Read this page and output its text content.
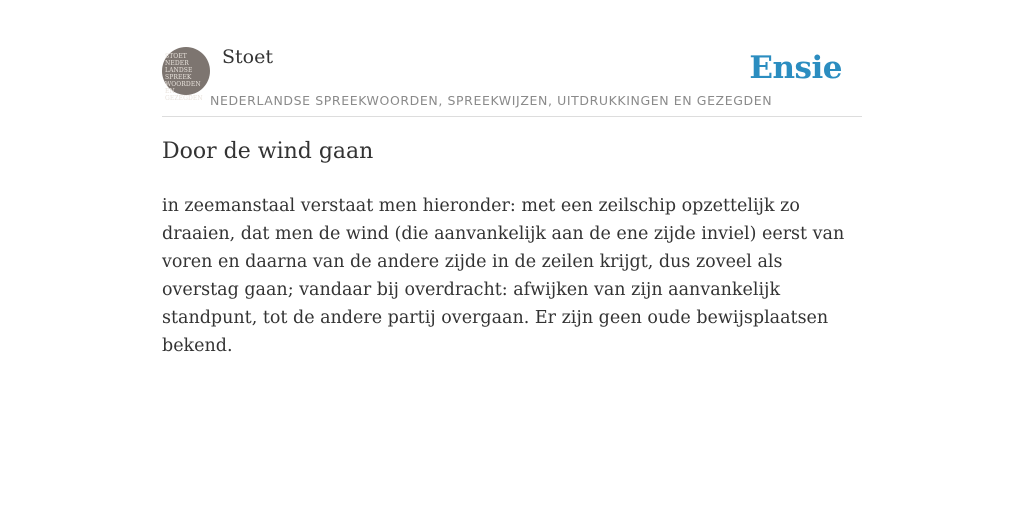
STOET
NEDER
LANDSE
SPREEK
WOORDEN EN
GEZEGDEN
Stoet	Ensie
NEDERLANDSE SPREEKWOORDEN, SPREEKWIJZEN, UITDRUKKINGEN EN GEZEGDEN
Door de wind gaan

in zeemanstaal verstaat men hieronder: met een zeilschip opzettelijk zo draaien, dat men de wind (die aanvankelijk aan de ene zijde inviel) eerst van voren en daarna van de andere zijde in de zeilen krijgt, dus zoveel als overstag gaan; vandaar bij overdracht: afwijken van zijn aanvankelijk standpunt, tot de andere partij overgaan. Er zijn geen oude bewijsplaatsen bekend.
